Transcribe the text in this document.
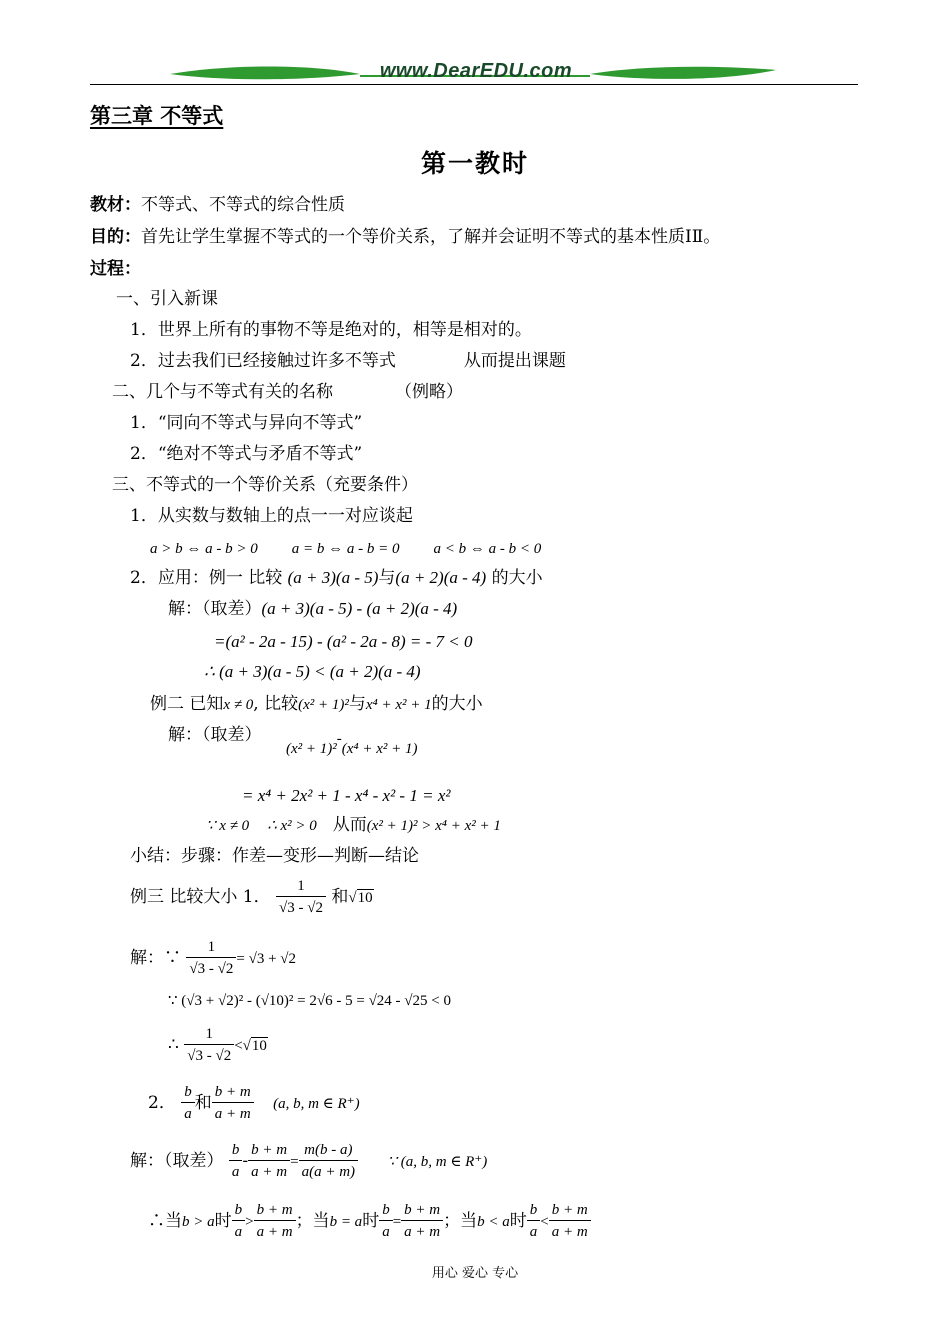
www.DearEDU.com
第三章 不等式
第一教时
教材：不等式、不等式的综合性质
目的：首先让学生掌握不等式的一个等价关系，了解并会证明不等式的基本性质ⅠⅡ。
过程：
一、引入新课
1．世界上所有的事物不等是绝对的，相等是相对的。
2．过去我们已经接触过许多不等式	从而提出课题
二、几个与不等式有关的名称	（例略）
1．“同向不等式与异向不等式”
2．“绝对不等式与矛盾不等式”
三、不等式的一个等价关系（充要条件）
1．从实数与数轴上的点一一对应谈起
a > b ⇔ a - b > 0 a = b ⇔ a - b = 0 a < b ⇔ a - b < 0
2．应用：例一 比较 (a + 3)(a - 5)与(a + 2)(a - 4) 的大小
解：（取差）(a + 3)(a - 5) - (a + 2)(a - 4)
=(a² - 2a - 15) - (a² - 2a - 8) = - 7 < 0
∴ (a + 3)(a - 5) < (a + 2)(a - 4)
例二 已知x ≠ 0, 比较(x² + 1)²与x⁴ + x² + 1的大小
解：（取差）
(x² + 1)²-(x⁴ + x² + 1)
= x⁴ + 2x² + 1 - x⁴ - x² - 1 = x²
∵ x ≠ 0 ∴ x² > 0 从而(x² + 1)² > x⁴ + x² + 1
小结：步骤：作差—变形—判断—结论
例三 比较大小 1． $\frac{1}{√3 - √2}$ 和√10
解：∵ $\frac{1}{√3 - √2} = √3 + √2$
∵ (√3 + √2)² - (√10)² = 2√6 - 5 = √24 - √25 < 0
∴ $\frac{1}{√3 - √2} <√10$
2． $\frac{b}{a}$ 和 $\frac{b + m}{a + m} (a$, b, m ∈ R⁺)
解：（取差） $\frac{b}{a} - \frac{b + m}{a + m} = \frac{m(b - a)}{a(a + m)}$ ∵ (a, b, m ∈ R⁺)
∴当b > a时 $\frac{b}{a} > \frac{b + m}{a + m}$ ；当b = a时 $\frac{b}{a} = \frac{b + m}{a + m}$ ；当b < a时 $\frac{b}{a} < \frac{b + m}{a + m}$
用心 爱心 专心
